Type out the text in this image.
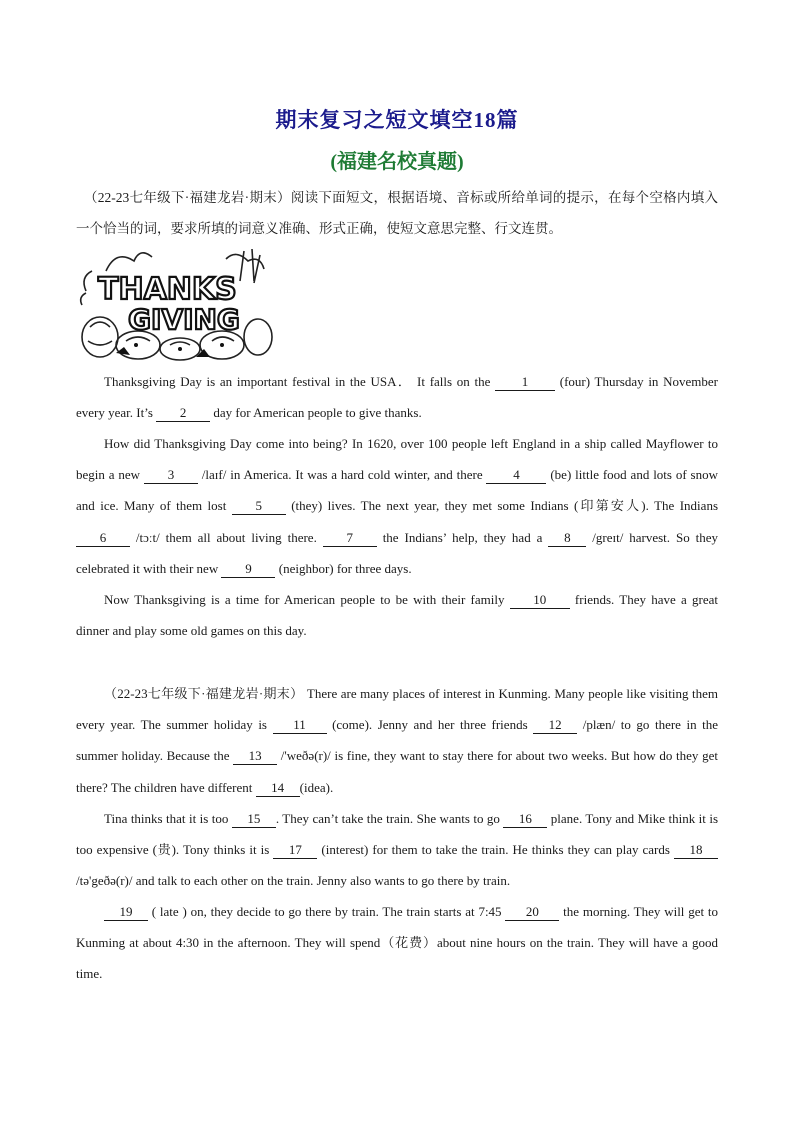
期末复习之短文填空18篇
(福建名校真题)
（22-23七年级下·福建龙岩·期末）阅读下面短文，根据语境、音标或所给单词的提示，在每个空格内填入一个恰当的词，要求所填的词意义准确、形式正确，使短文意思完整、行文连贯。
THANKS
GIVING

Thanksgiving Day is an important festival in the USA． It falls on the 1 (four) Thursday in November every year. It’s 2 day for American people to give thanks.

How did Thanksgiving Day come into being? In 1620, over 100 people left England in a ship called Mayflower to begin a new 3 /laɪf/ in America. It was a hard cold winter, and there 4 (be) little food and lots of snow and ice. Many of them lost 5 (they) lives. The next year, they met some Indians (印第安人). The Indians 6 /tɔːt/ them all about living there. 7 the Indians’ help, they had a 8 /greɪt/ harvest. So they celebrated it with their new 9 (neighbor) for three days.

Now Thanksgiving is a time for American people to be with their family 10 friends. They have a great dinner and play some old games on this day.

（22-23七年级下·福建龙岩·期末） There are many places of interest in Kunming. Many people like visiting them every year. The summer holiday is 11 (come). Jenny and her three friends 12 /plæn/ to go there in the summer holiday. Because the 13 /'weðə(r)/ is fine, they want to stay there for about two weeks. But how do they get there? The children have different 14 (idea).

Tina thinks that it is too 15 . They can’t take the train. She wants to go 16 plane. Tony and Mike think it is too expensive (贵). Tony thinks it is 17 (interest) for them to take the train. He thinks they can play cards 18 /tə'geðə(r)/ and talk to each other on the train. Jenny also wants to go there by train.

19 ( late ) on, they decide to go there by train. The train starts at 7:45 20 the morning. They will get to Kunming at about 4:30 in the afternoon. They will spend（花费）about nine hours on the train. They will have a good time.
